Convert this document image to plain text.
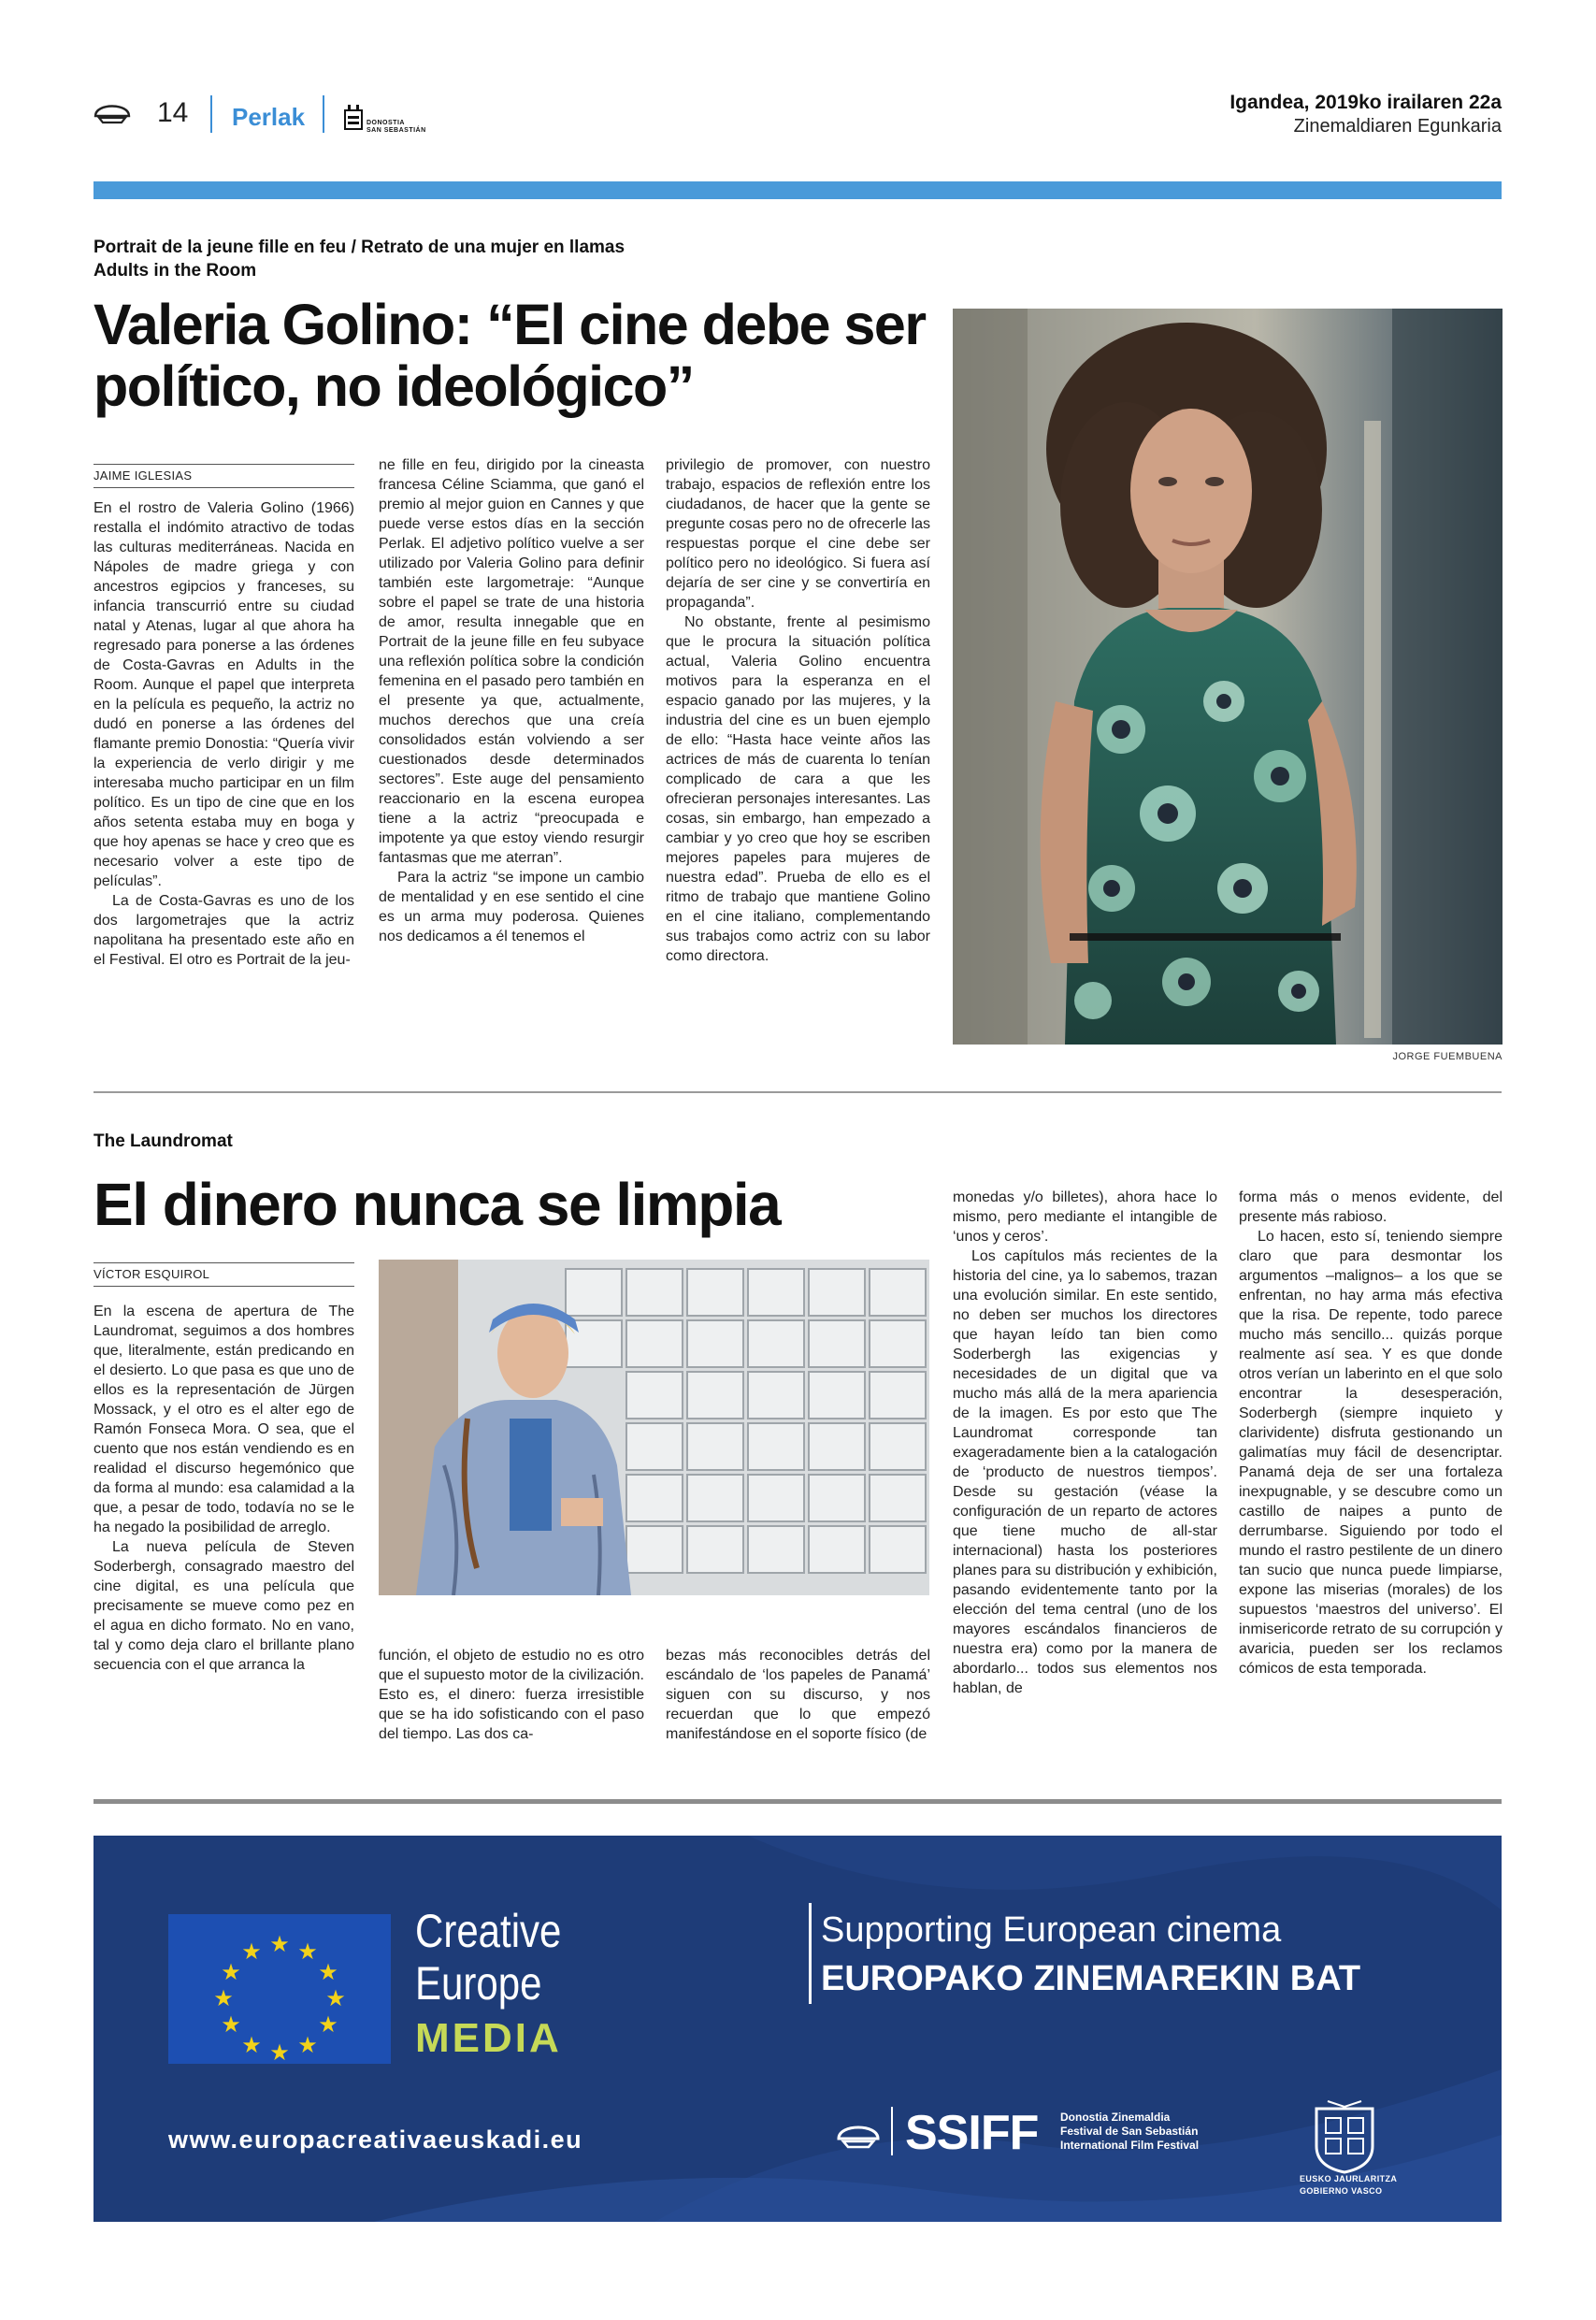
14 Perlak	DONOSTIA
SAN SEBASTIÁN
Igandea, 2019ko irailaren 22a
Zinemaldiaren Egunkaria
Portrait de la jeune fille en feu / Retrato de una mujer en llamas
Adults in the Room
Valeria Golino: “El cine debe ser político, no ideológico”
JAIME IGLESIAS

En el rostro de Valeria Golino (1966) restalla el indómito atractivo de todas las culturas mediterráneas. Nacida en Nápoles de madre griega y con ancestros egipcios y franceses, su infancia transcurrió entre su ciudad natal y Atenas, lugar al que ahora ha regresado para ponerse a las órdenes de Costa-Gavras en Adults in the Room. Aunque el papel que interpreta en la película es pequeño, la actriz no dudó en ponerse a las órdenes del flamante premio Donostia: “Quería vivir la experiencia de verlo dirigir y me interesaba mucho participar en un film político. Es un tipo de cine que en los años setenta estaba muy en boga y que hoy apenas se hace y creo que es necesario volver a este tipo de películas”.

La de Costa-Gavras es uno de los dos largometrajes que la actriz napolitana ha presentado este año en el Festival. El otro es Portrait de la jeu-

ne fille en feu, dirigido por la cineasta francesa Céline Sciamma, que ganó el premio al mejor guion en Cannes y que puede verse estos días en la sección Perlak. El adjetivo político vuelve a ser utilizado por Valeria Golino para definir también este largometraje: “Aunque sobre el papel se trate de una historia de amor, resulta innegable que en Portrait de la jeune fille en feu subyace una reflexión política sobre la condición femenina en el pasado pero también en el presente ya que, actualmente, muchos derechos que una creía consolidados están volviendo a ser cuestionados desde determinados sectores”. Este auge del pensamiento reaccionario en la escena europea tiene a la actriz “preocupada e impotente ya que estoy viendo resurgir fantasmas que me aterran”.

Para la actriz “se impone un cambio de mentalidad y en ese sentido el cine es un arma muy poderosa. Quienes nos dedicamos a él tenemos el

privilegio de promover, con nuestro trabajo, espacios de reflexión entre los ciudadanos, de hacer que la gente se pregunte cosas pero no de ofrecerle las respuestas porque el cine debe ser político pero no ideológico. Si fuera así dejaría de ser cine y se convertiría en propaganda”.

No obstante, frente al pesimismo que le procura la situación política actual, Valeria Golino encuentra motivos para la esperanza en el espacio ganado por las mujeres, y la industria del cine es un buen ejemplo de ello: “Hasta hace veinte años las actrices de más de cuarenta lo tenían complicado de cara a que les ofrecieran personajes interesantes. Las cosas, sin embargo, han empezado a cambiar y yo creo que hoy se escriben mejores papeles para mujeres de nuestra edad”. Prueba de ello es el ritmo de trabajo que mantiene Golino en el cine italiano, complementando sus trabajos como actriz con su labor como directora.

JORGE FUEMBUENA
The Laundromat
El dinero nunca se limpia
VÍCTOR ESQUIROL

En la escena de apertura de The Laundromat, seguimos a dos hombres que, literalmente, están predicando en el desierto. Lo que pasa es que uno de ellos es la representación de Jürgen Mossack, y el otro es el alter ego de Ramón Fonseca Mora. O sea, que el cuento que nos están vendiendo es en realidad el discurso hegemónico que da forma al mundo: esa calamidad a la que, a pesar de todo, todavía no se le ha negado la posibilidad de arreglo.

La nueva película de Steven Soderbergh, consagrado maestro del cine digital, es una película que precisamente se mueve como pez en el agua en dicho formato. No en vano, tal y como deja claro el brillante plano secuencia con el que arranca la

función, el objeto de estudio no es otro que el supuesto motor de la civilización. Esto es, el dinero: fuerza irresistible que se ha ido sofisticando con el paso del tiempo. Las dos ca-

bezas más reconocibles detrás del escándalo de ‘los papeles de Panamá’ siguen con su discurso, y nos recuerdan que lo que empezó manifestándose en el soporte físico (de

monedas y/o billetes), ahora hace lo mismo, pero mediante el intangible de ‘unos y ceros’.

Los capítulos más recientes de la historia del cine, ya lo sabemos, trazan una evolución similar. En este sentido, no deben ser muchos los directores que hayan leído tan bien como Soderbergh las exigencias y necesidades de un digital que va mucho más allá de la mera apariencia de la imagen. Es por esto que The Laundromat corresponde tan exageradamente bien a la catalogación de ‘producto de nuestros tiempos’. Desde su gestación (véase la configuración de un reparto de actores que tiene mucho de all-star internacional) hasta los posteriores planes para su distribución y exhibición, pasando evidentemente tanto por la elección del tema central (uno de los mayores escándalos financieros de nuestra era) como por la manera de abordarlo... todos sus elementos nos hablan, de

forma más o menos evidente, del presente más rabioso.

Lo hacen, esto sí, teniendo siempre claro que para desmontar los argumentos –malignos– a los que se enfrentan, no hay arma más efectiva que la risa. De repente, todo parece mucho más sencillo... quizás porque realmente así sea. Y es que donde otros verían un laberinto en el que solo encontrar la desesperación, Soderbergh (siempre inquieto y clarividente) disfruta gestionando un galimatías muy fácil de desencriptar. Panamá deja de ser una fortaleza inexpugnable, y se descubre como un castillo de naipes a punto de derrumbarse. Siguiendo por todo el mundo el rastro pestilente de un dinero tan sucio que nunca puede limpiarse, expone las miserias (morales) de los supuestos ‘maestros del universo’. El inmisericorde retrato de su corrupción y avaricia, pueden ser los reclamos cómicos de esta temporada.

★ ★
★
★
★
★
★
★
★
★
★
★	Creative
Europe
MEDIA
www.europacreativaeuskadi.eu
Supporting European cinema
EUROPAKO ZINEMAREKIN BAT
SSIFF Donostia Zinemaldia
Festival de San Sebastián
International Film Festival
EUSKO JAURLARITZA
GOBIERNO VASCO
